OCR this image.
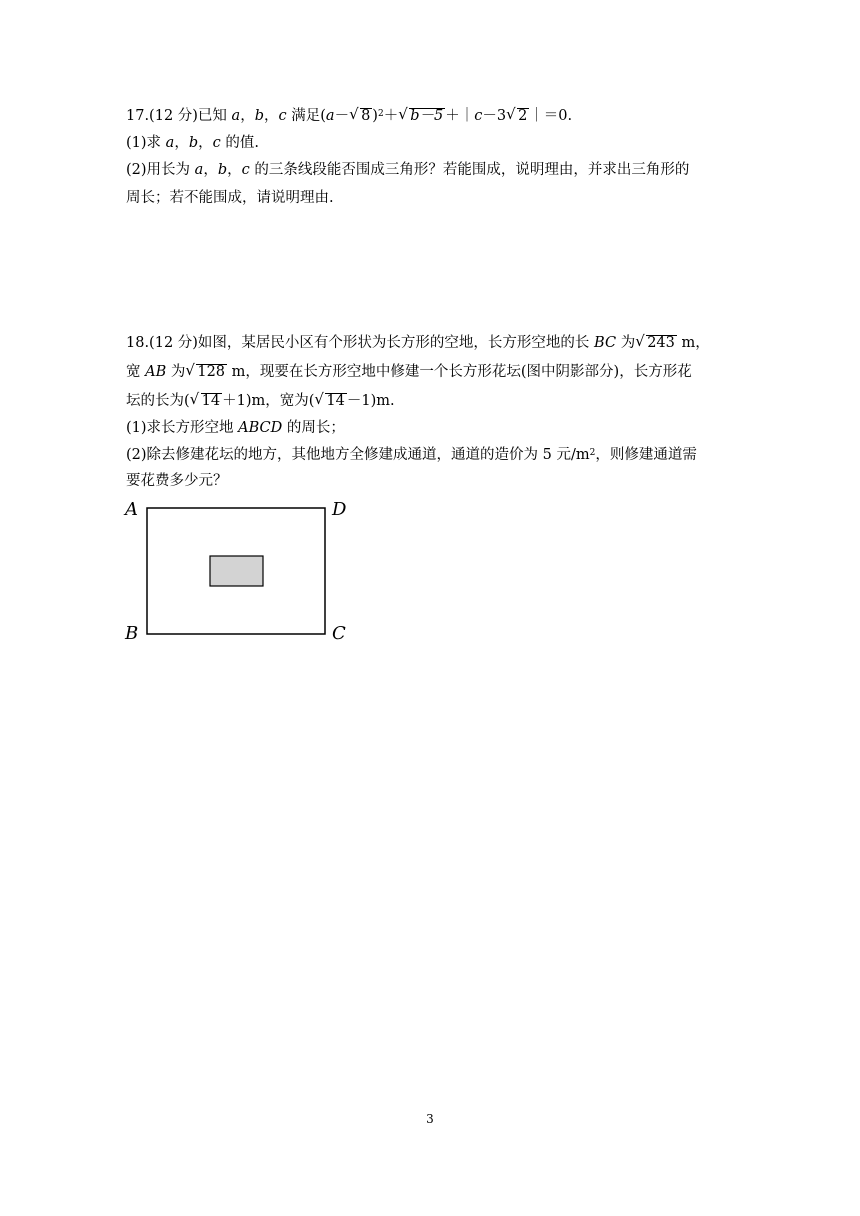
17.(12 分)已知 a，b，c 满足(a－ √ 8 )$^2$＋ √ b－5 ＋｜c－3 √ 2 ｜＝0.
(1)求 a，b，c 的值.
(2)用长为 a，b，c 的三条线段能否围成三角形？若能围成，说明理由，并求出三角形的
周长；若不能围成，请说明理由.
18.(12 分)如图，某居民小区有个形状为长方形的空地，长方形空地的长 BC 为 √ 243 m，
宽 AB 为 √ 128 m，现要在长方形空地中修建一个长方形花坛(图中阴影部分)，长方形花
坛的长为( √ 14 ＋1)m，宽为( √ 14 －1)m.
(1)求长方形空地 ABCD 的周长；
(2)除去修建花坛的地方，其他地方全修建成通道，通道的造价为 5 元$/m^2$，则修建通道需
要花费多少元？
A	D
B	C
3
